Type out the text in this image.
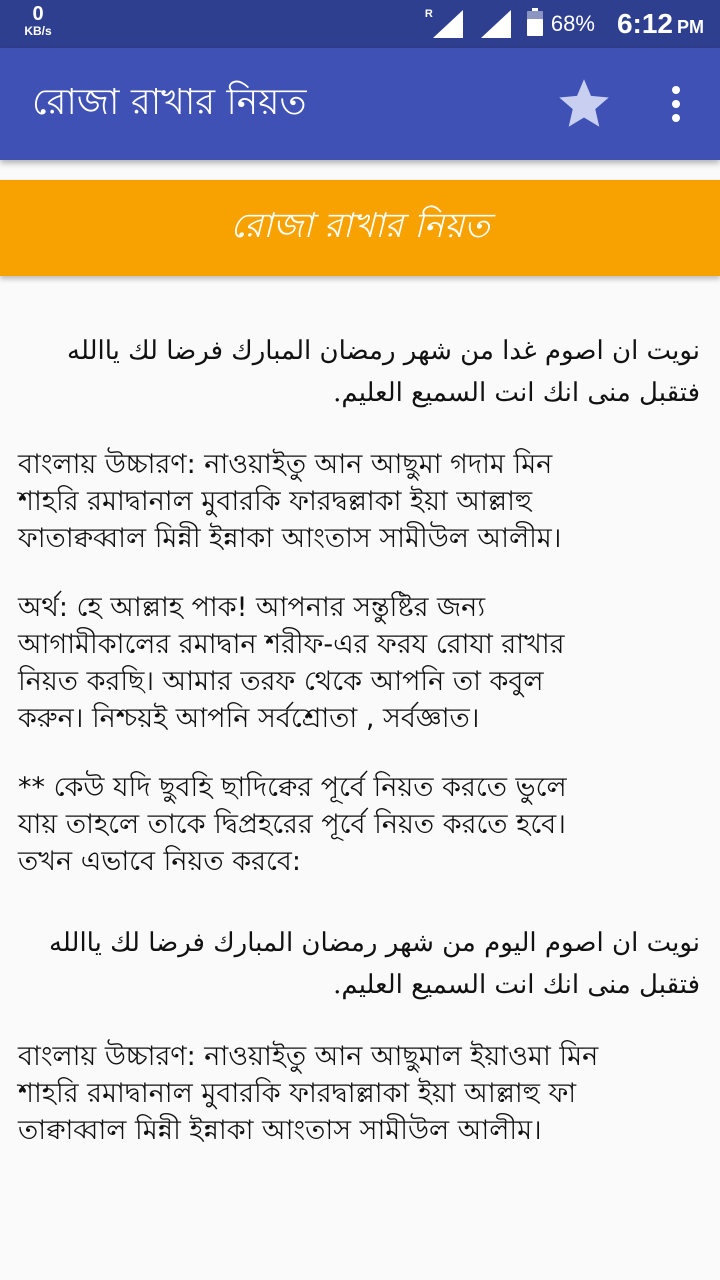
0
KB/s
R	68% 6:12 PM
রোজা রাখার নিয়ত
রোজা রাখার নিয়ত

نويت ان اصوم غدا من شهر رمضان المبارك فرضا لك ياالله
فتقبل منى انك انت السميع العليم.

বাংলায় উচ্চারণ: নাওয়াইতু আন আছুমা গদাম মিন
শাহরি রমাদ্বানাল মুবারকি ফারদ্বল্লাকা ইয়া আল্লাহু
ফাতাক্বব্বাল মিন্নী ইন্নাকা আংতাস সামীউল আলীম।

অর্থ: হে আল্লাহ পাক! আপনার সন্তুষ্টির জন্য
আগামীকালের রমাদ্বান শরীফ-এর ফরয রোযা রাখার
নিয়ত করছি। আমার তরফ থেকে আপনি তা কবুল
করুন। নিশ্চয়ই আপনি সর্বশ্রোতা , সর্বজ্ঞাত।

** কেউ যদি ছুবহি ছাদিক্বের পূর্বে নিয়ত করতে ভুলে
যায় তাহলে তাকে দ্বিপ্রহরের পূর্বে নিয়ত করতে হবে।
তখন এভাবে নিয়ত করবে:

نويت ان اصوم اليوم من شهر رمضان المبارك فرضا لك ياالله
فتقبل منى انك انت السميع العليم.

বাংলায় উচ্চারণ: নাওয়াইতু আন আছুমাল ইয়াওমা মিন
শাহরি রমাদ্বানাল মুবারকি ফারদ্বাল্লাকা ইয়া আল্লাহু ফা
তাক্বাব্বাল মিন্নী ইন্নাকা আংতাস সামীউল আলীম।
